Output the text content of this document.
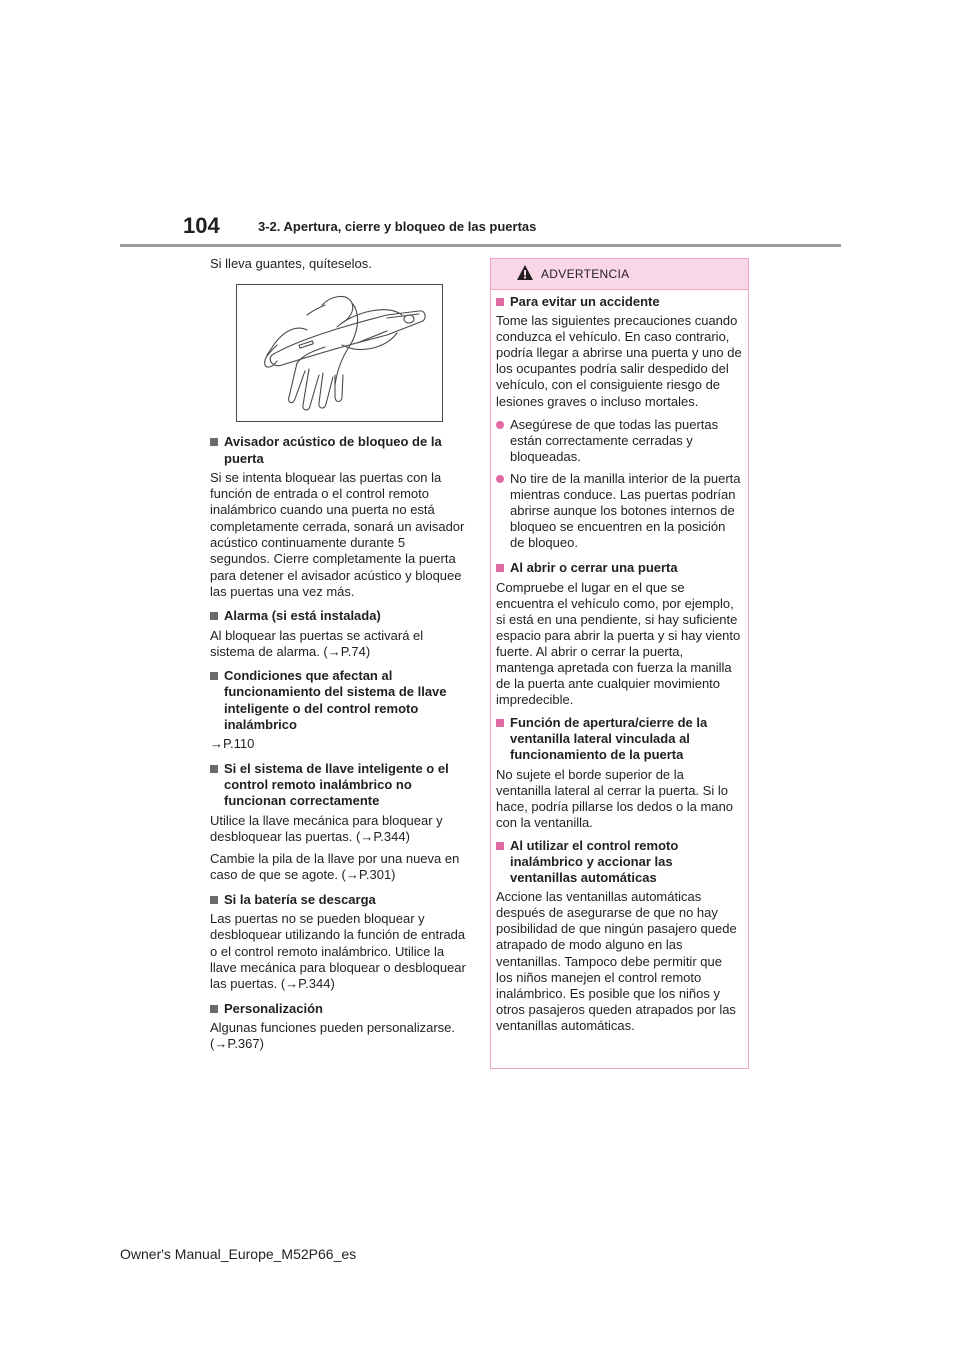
104	3-2. Apertura, cierre y bloqueo de las puertas

Si lleva guantes, quíteselos.

Avisador acústico de bloqueo de la puerta

Si se intenta bloquear las puertas con la función de entrada o el control remoto inalámbrico cuando una puerta no está completamente cerrada, sonará un avisador acústico continuamente durante 5 segundos. Cierre completamente la puerta para detener el avisador acústico y bloquee las puertas una vez más.

Alarma (si está instalada)

Al bloquear las puertas se activará el sistema de alarma. (→P.74)

Condiciones que afectan al funcionamiento del sistema de llave inteligente o del control remoto inalámbrico

→P.110

Si el sistema de llave inteligente o el control remoto inalámbrico no funcionan correctamente

Utilice la llave mecánica para bloquear y desbloquear las puertas. (→P.344)

Cambie la pila de la llave por una nueva en caso de que se agote. (→P.301)

Si la batería se descarga

Las puertas no se pueden bloquear y desbloquear utilizando la función de entrada o el control remoto inalámbrico. Utilice la llave mecánica para bloquear o desbloquear las puertas. (→P.344)

Personalización

Algunas funciones pueden personalizarse. (→P.367)

ADVERTENCIA
Para evitar un accidente

Tome las siguientes precauciones cuando conduzca el vehículo. En caso contrario, podría llegar a abrirse una puerta y uno de los ocupantes podría salir despedido del vehículo, con el consiguiente riesgo de lesiones graves o incluso mortales.

Asegúrese de que todas las puertas están correctamente cerradas y bloqueadas.
No tire de la manilla interior de la puerta mientras conduce. Las puertas podrían abrirse aunque los botones internos de bloqueo se encuentren en la posición de bloqueo.
Al abrir o cerrar una puerta

Compruebe el lugar en el que se encuentra el vehículo como, por ejemplo, si está en una pendiente, si hay suficiente espacio para abrir la puerta y si hay viento fuerte. Al abrir o cerrar la puerta, mantenga apretada con fuerza la manilla de la puerta ante cualquier movimiento impredecible.

Función de apertura/cierre de la ventanilla lateral vinculada al funcionamiento de la puerta

No sujete el borde superior de la ventanilla lateral al cerrar la puerta. Si lo hace, podría pillarse los dedos o la mano con la ventanilla.

Al utilizar el control remoto inalámbrico y accionar las ventanillas automáticas

Accione las ventanillas automáticas después de asegurarse de que no hay posibilidad de que ningún pasajero quede atrapado de modo alguno en las ventanillas. Tampoco debe permitir que los niños manejen el control remoto inalámbrico. Es posible que los niños y otros pasajeros queden atrapados por las ventanillas automáticas.

Owner's Manual_Europe_M52P66_es
